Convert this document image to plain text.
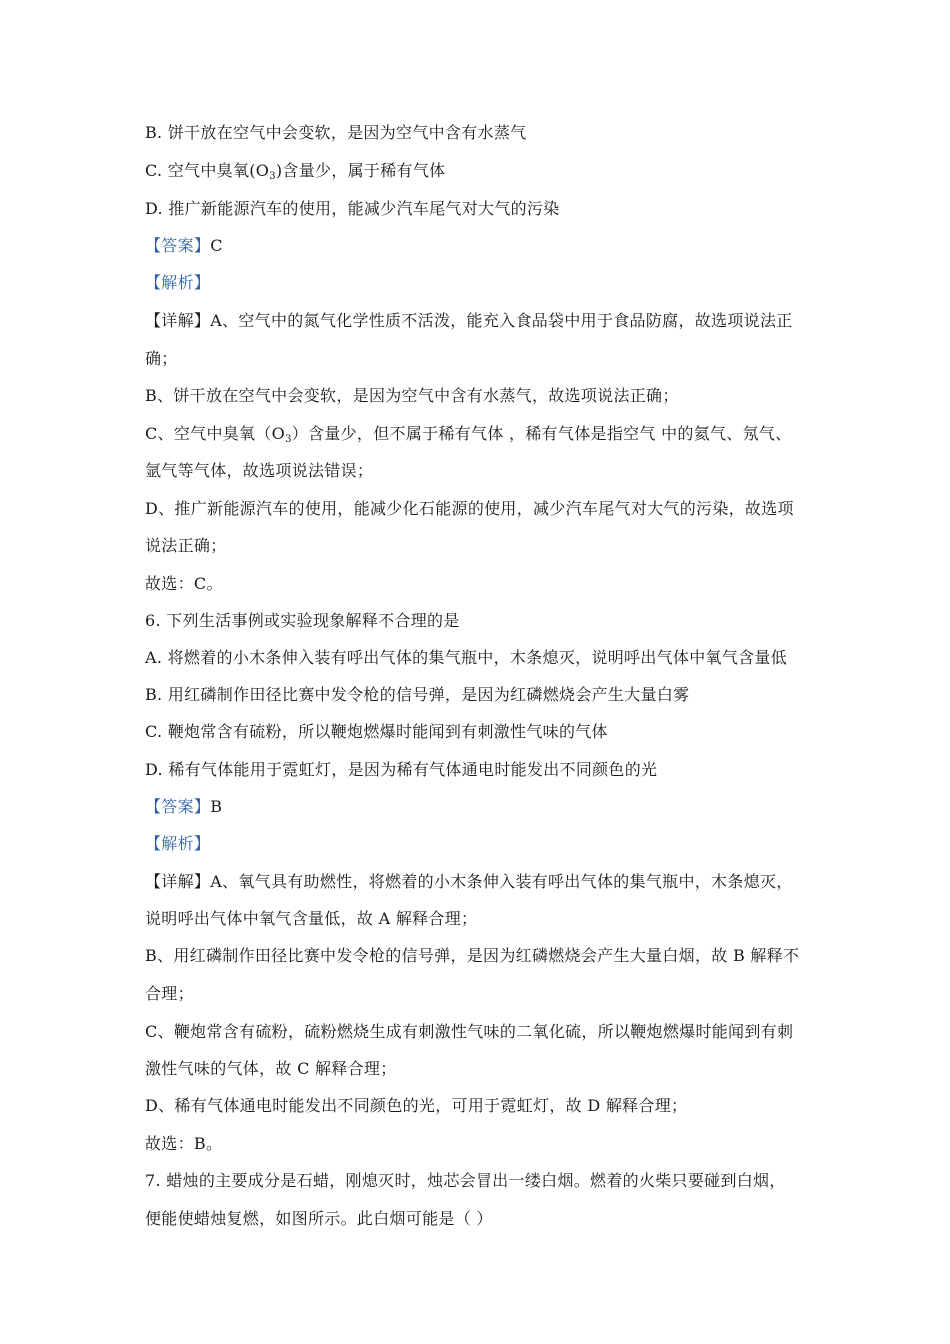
B. 饼干放在空气中会变软，是因为空气中含有水蒸气
C. 空气中臭氧$(O_3)$含量少，属于稀有气体
D. 推广新能源汽车的使用，能减少汽车尾气对大气的污染
【答案】C
【解析】
【详解】A、空气中的氮气化学性质不活泼，能充入食品袋中用于食品防腐，故选项说法正
确；
B、饼干放在空气中会变软，是因为空气中含有水蒸气，故选项说法正确；
C、空气中臭氧$(O_3)$含量少，但不属于稀有气体 ，稀有气体是指空气 中的氦气、氖气、
氩气等气体，故选项说法错误；
D、推广新能源汽车的使用，能减少化石能源的使用，减少汽车尾气对大气的污染，故选项
说法正确；
故选：C。
6. 下列生活事例或实验现象解释不合理的是
A. 将燃着的小木条伸入装有呼出气体的集气瓶中，木条熄灭，说明呼出气体中氧气含量低
B. 用红磷制作田径比赛中发令枪的信号弹，是因为红磷燃烧会产生大量白雾
C. 鞭炮常含有硫粉，所以鞭炮燃爆时能闻到有刺激性气味的气体
D. 稀有气体能用于霓虹灯，是因为稀有气体通电时能发出不同颜色的光
【答案】B
【解析】
【详解】A、氧气具有助燃性，将燃着的小木条伸入装有呼出气体的集气瓶中，木条熄灭，
说明呼出气体中氧气含量低，故 A 解释合理；
B、用红磷制作田径比赛中发令枪的信号弹，是因为红磷燃烧会产生大量白烟，故 B 解释不
合理；
C、鞭炮常含有硫粉，硫粉燃烧生成有刺激性气味的二氧化硫，所以鞭炮燃爆时能闻到有刺
激性气味的气体，故 C 解释合理；
D、稀有气体通电时能发出不同颜色的光，可用于霓虹灯，故 D 解释合理；
故选：B。
7. 蜡烛的主要成分是石蜡，刚熄灭时，烛芯会冒出一缕白烟。燃着的火柴只要碰到白烟，
便能使蜡烛复燃，如图所示。此白烟可能是（ ）
